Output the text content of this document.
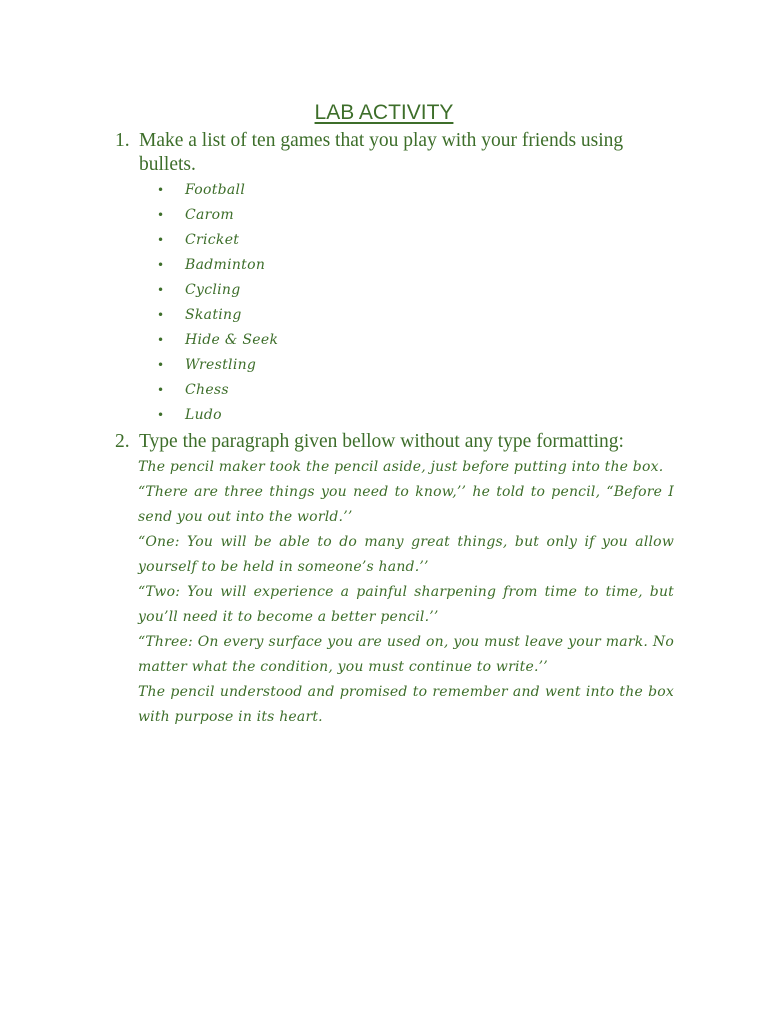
LAB ACTIVITY
1. Make a list of ten games that you play with your friends using
bullets.
• Football
• Carom
• Cricket
• Badminton
• Cycling
• Skating
• Hide & Seek
• Wrestling
• Chess
• Ludo
2. Type the paragraph given bellow without any type formatting:

The pencil maker took the pencil aside, just before putting into the box.

“There are three things you need to know,’’ he told to pencil, “Before I send you out into the world.’’

“One: You will be able to do many great things, but only if you allow yourself to be held in someone’s hand.’’

“Two: You will experience a painful sharpening from time to time, but you’ll need it to become a better pencil.’’

“Three: On every surface you are used on, you must leave your mark. No matter what the condition, you must continue to write.’’

The pencil understood and promised to remember and went into the box with purpose in its heart.
